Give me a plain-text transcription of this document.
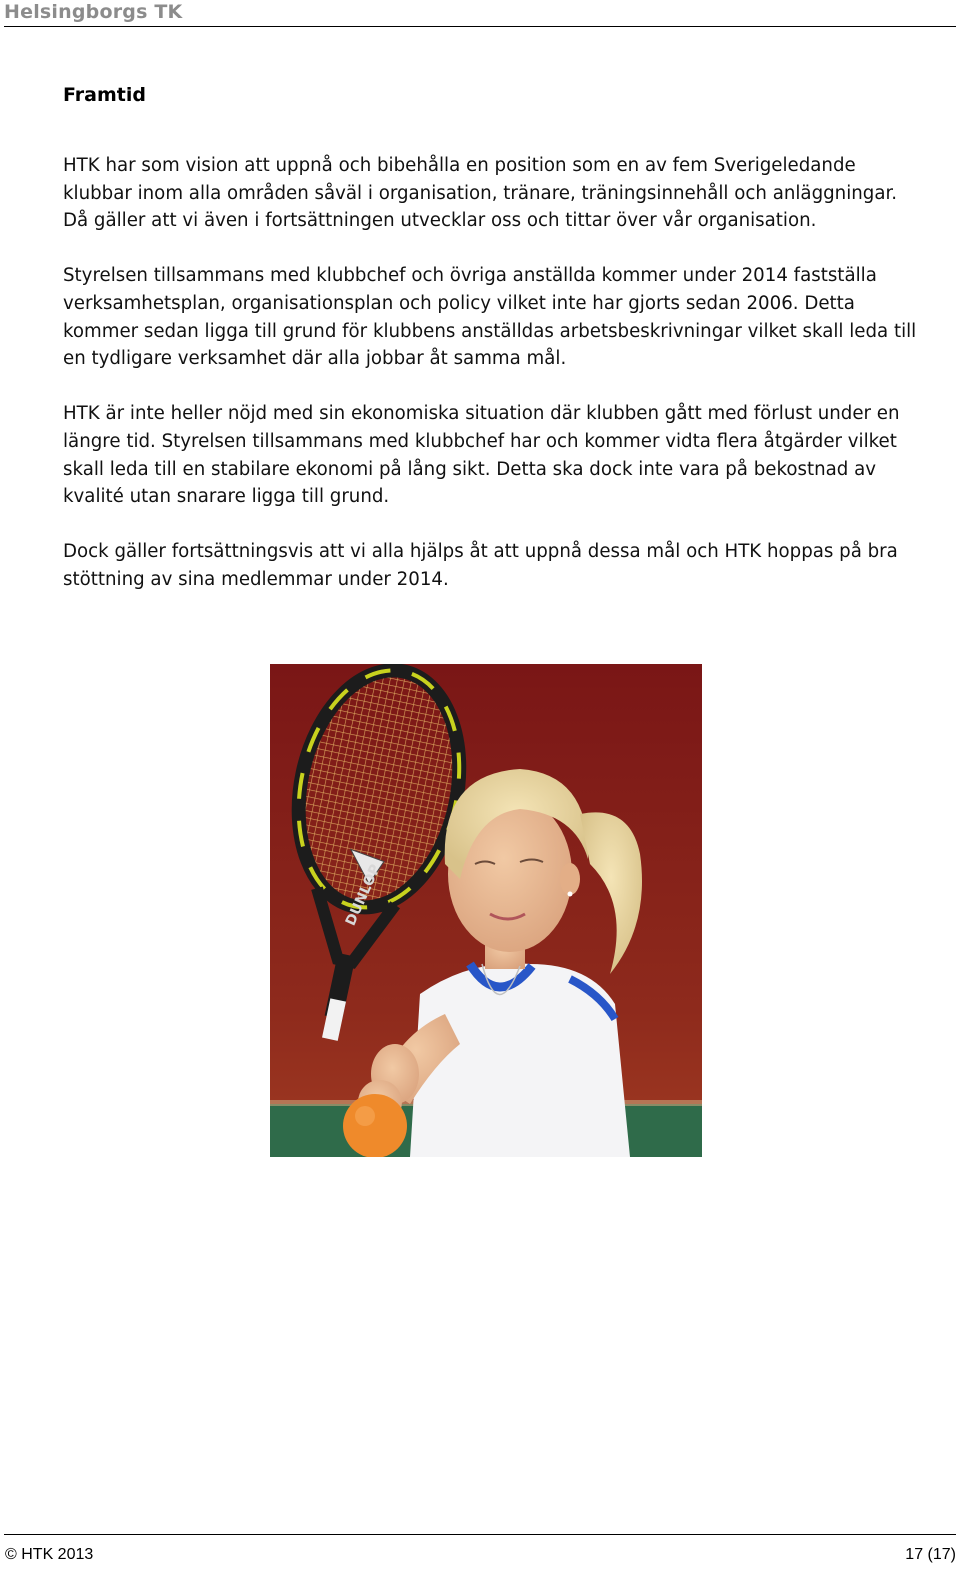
Helsingborgs TK
Framtid

HTK har som vision att uppnå och bibehålla en position som en av fem Sverigeledande klubbar inom alla områden såväl i organisation, tränare, träningsinnehåll och anläggningar. Då gäller att vi även i fortsättningen utvecklar oss och tittar över vår organisation.

Styrelsen tillsammans med klubbchef och övriga anställda kommer under 2014 fastställa verksamhetsplan, organisationsplan och policy vilket inte har gjorts sedan 2006. Detta kommer sedan ligga till grund för klubbens anställdas arbetsbeskrivningar vilket skall leda till en tydligare verksamhet där alla jobbar åt samma mål.

HTK är inte heller nöjd med sin ekonomiska situation där klubben gått med förlust under en längre tid. Styrelsen tillsammans med klubbchef har och kommer vidta flera åtgärder vilket skall leda till en stabilare ekonomi på lång sikt. Detta ska dock inte vara på bekostnad av kvalité utan snarare ligga till grund.

Dock gäller fortsättningsvis att vi alla hjälps åt att uppnå dessa mål och HTK hoppas på bra stöttning av sina medlemmar under 2014.

DUNLOP
© HTK 2013	17 (17)
